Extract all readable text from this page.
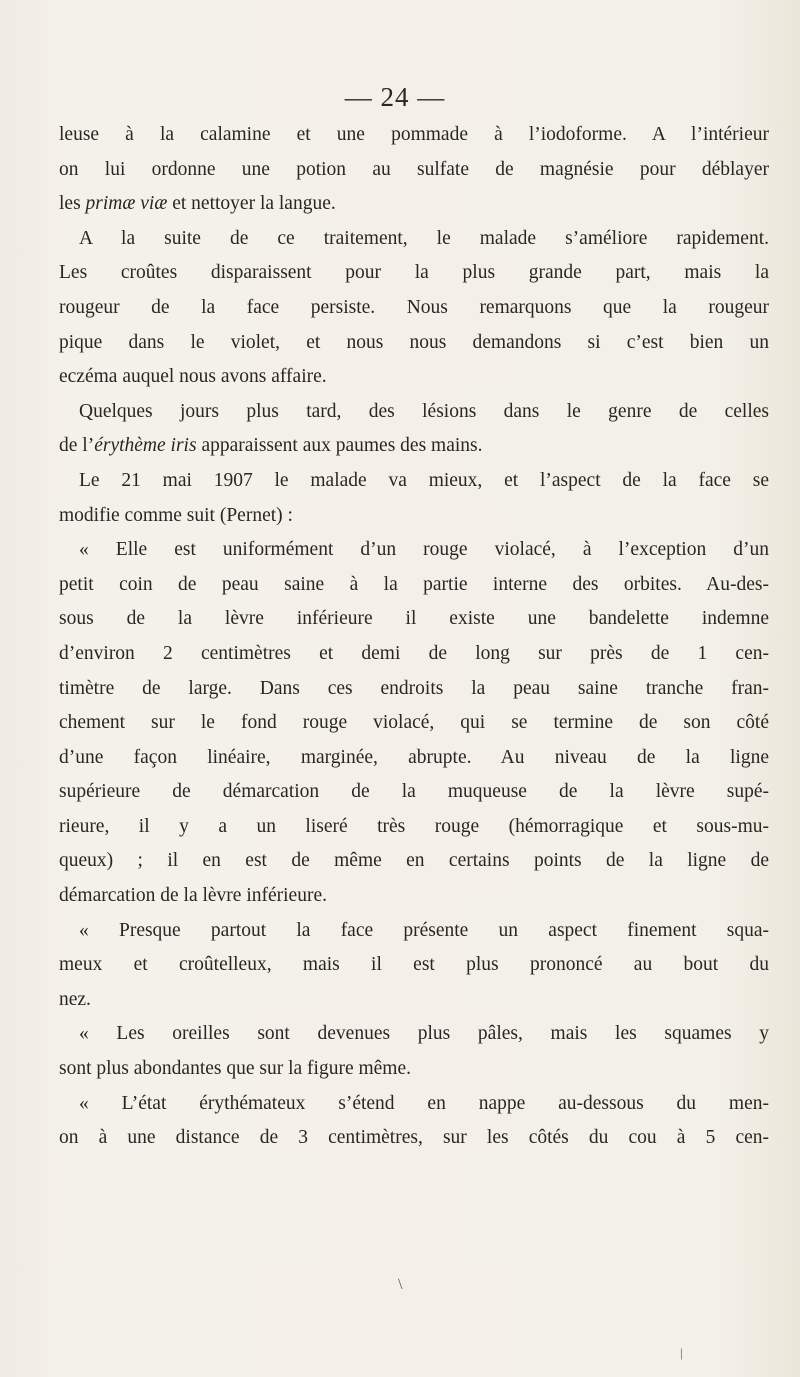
— 24 —
leuse à la calamine et une pommade à l’iodoforme. A l’intérieur
on lui ordonne une potion au sulfate de magnésie pour déblayer
les primæ viæ et nettoyer la langue.
A la suite de ce traitement, le malade s’améliore rapidement.
Les croûtes disparaissent pour la plus grande part, mais la
rougeur de la face persiste. Nous remarquons que la rougeur
pique dans le violet, et nous nous demandons si c’est bien un
eczéma auquel nous avons affaire.
Quelques jours plus tard, des lésions dans le genre de celles
de l’érythème iris apparaissent aux paumes des mains.
Le 21 mai 1907 le malade va mieux, et l’aspect de la face se
modifie comme suit (Pernet) :
« Elle est uniformément d’un rouge violacé, à l’exception d’un
petit coin de peau saine à la partie interne des orbites. Au-des-
sous de la lèvre inférieure il existe une bandelette indemne
d’environ 2 centimètres et demi de long sur près de 1 cen-
timètre de large. Dans ces endroits la peau saine tranche fran-
chement sur le fond rouge violacé, qui se termine de son côté
d’une façon linéaire, marginée, abrupte. Au niveau de la ligne
supérieure de démarcation de la muqueuse de la lèvre supé-
rieure, il y a un liseré très rouge (hémorragique et sous-mu-
queux) ; il en est de même en certains points de la ligne de
démarcation de la lèvre inférieure.
« Presque partout la face présente un aspect finement squa-
meux et croûtelleux, mais il est plus prononcé au bout du
nez.
« Les oreilles sont devenues plus pâles, mais les squames y
sont plus abondantes que sur la figure même.
« L’état érythémateux s’étend en nappe au-dessous du men-
on à une distance de 3 centimètres, sur les côtés du cou à 5 cen-
\
|
